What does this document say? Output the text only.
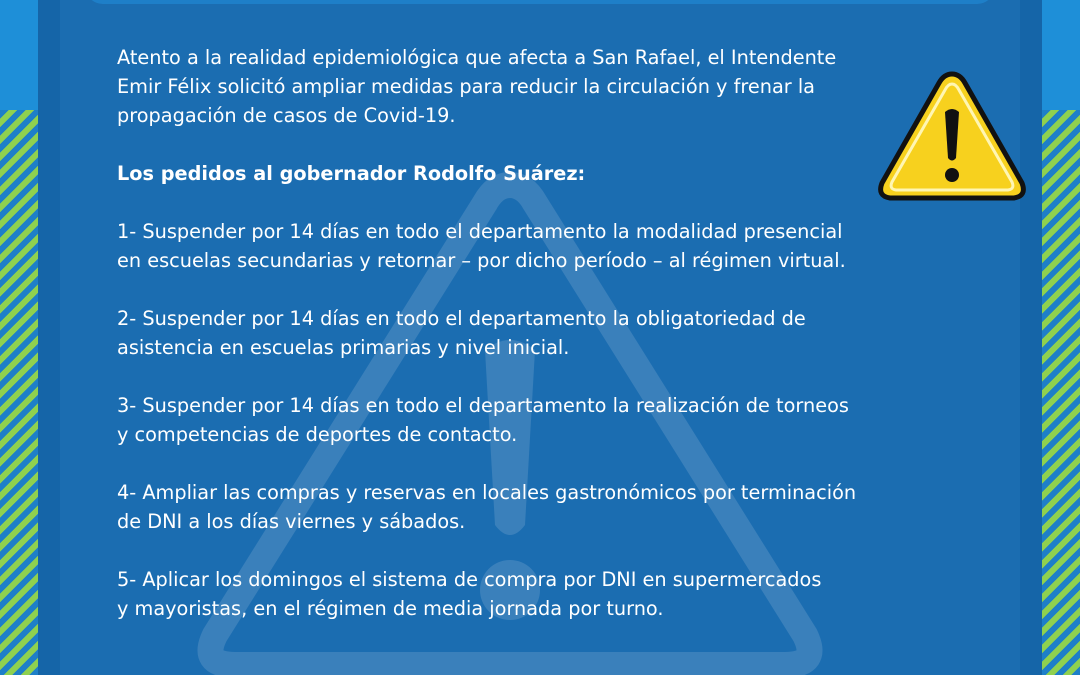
Atento a la realidad epidemiológica que afecta a San Rafael, el Intendente
Emir Félix solicitó ampliar medidas para reducir la circulación y frenar la
propagación de casos de Covid-19.

Los pedidos al gobernador Rodolfo Suárez:

1- Suspender por 14 días en todo el departamento la modalidad presencial
en escuelas secundarias y retornar – por dicho período – al régimen virtual.

2- Suspender por 14 días en todo el departamento la obligatoriedad de
asistencia en escuelas primarias y nivel inicial.

3- Suspender por 14 días en todo el departamento la realización de torneos
y competencias de deportes de contacto.

4- Ampliar las compras y reservas en locales gastronómicos por terminación
de DNI a los días viernes y sábados.

5- Aplicar los domingos el sistema de compra por DNI en supermercados
y mayoristas, en el régimen de media jornada por turno.
